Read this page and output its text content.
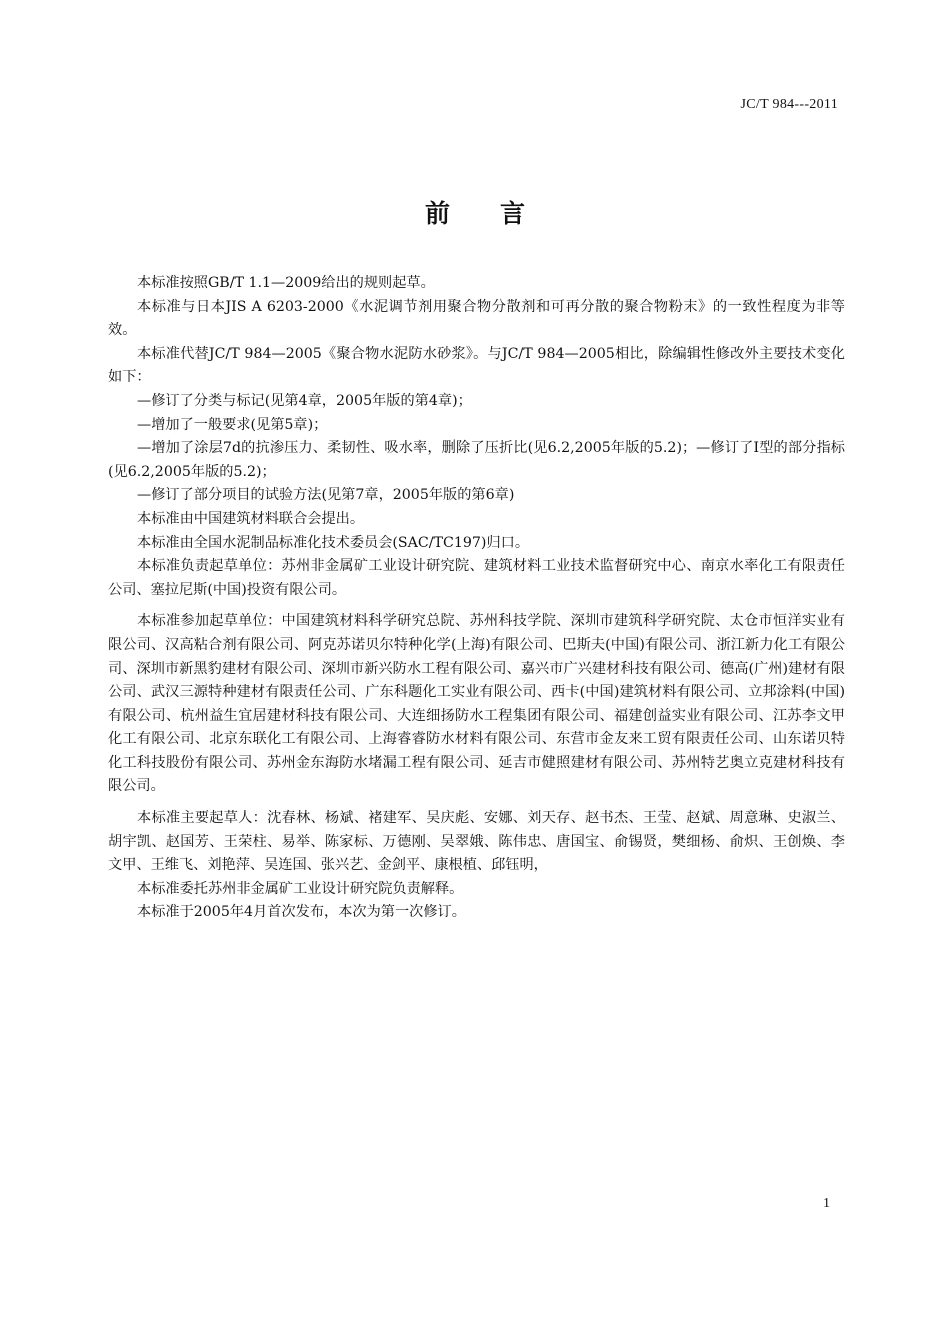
JC/T 984---2011
前言

本标准按照GB/T 1.1—2009给出的规则起草。

本标准与日本JIS A 6203-2000《水泥调节剂用聚合物分散剂和可再分散的聚合物粉末》的一致性程度为非等效。

本标准代替JC/T 984—2005《聚合物水泥防水砂浆》。与JC/T 984—2005相比，除编辑性修改外主要技术变化如下：

—修订了分类与标记(见第4章，2005年版的第4章)；

—增加了一般要求(见第5章)；

—增加了涂层7d的抗渗压力、柔韧性、吸水率，删除了压折比(见6.2,2005年版的5.2)；—修订了I型的部分指标(见6.2,2005年版的5.2)；

—修订了部分项目的试验方法(见第7章，2005年版的第6章)

本标准由中国建筑材料联合会提出。

本标准由全国水泥制品标准化技术委员会(SAC/TC197)归口。

本标准负责起草单位：苏州非金属矿工业设计研究院、建筑材料工业技术监督研究中心、南京水率化工有限责任公司、塞拉尼斯(中国)投资有限公司。

本标准参加起草单位：中国建筑材料科学研究总院、苏州科技学院、深圳市建筑科学研究院、太仓市恒洋实业有限公司、汉高粘合剂有限公司、阿克苏诺贝尔特种化学(上海)有限公司、巴斯夫(中国)有限公司、浙江新力化工有限公司、深圳市新黑豹建材有限公司、深圳市新兴防水工程有限公司、嘉兴市广兴建材科技有限公司、德高(广州)建材有限公司、武汉三源特种建材有限责任公司、广东科题化工实业有限公司、西卡(中国)建筑材料有限公司、立邦涂料(中国)有限公司、杭州益生宜居建材科技有限公司、大连细扬防水工程集团有限公司、福建创益实业有限公司、江苏李文甲化工有限公司、北京东联化工有限公司、上海睿睿防水材料有限公司、东营市金友来工贸有限责任公司、山东诺贝特化工科技股份有限公司、苏州金东海防水堵漏工程有限公司、延吉市健照建材有限公司、苏州特艺奥立克建材科技有限公司。

本标准主要起草人：沈春林、杨斌、褚建军、吴庆彪、安娜、刘天存、赵书杰、王莹、赵斌、周意琳、史淑兰、胡宇凯、赵国芳、王荣柱、易举、陈家标、万德刚、吴翠娥、陈伟忠、唐国宝、俞锡贤，樊细杨、俞炽、王创焕、李文甲、王维飞、刘艳萍、吴连国、张兴艺、金剑平、康根植、邱钰明，

本标准委托苏州非金属矿工业设计研究院负责解释。

本标准于2005年4月首次发布，本次为第一次修订。

1
